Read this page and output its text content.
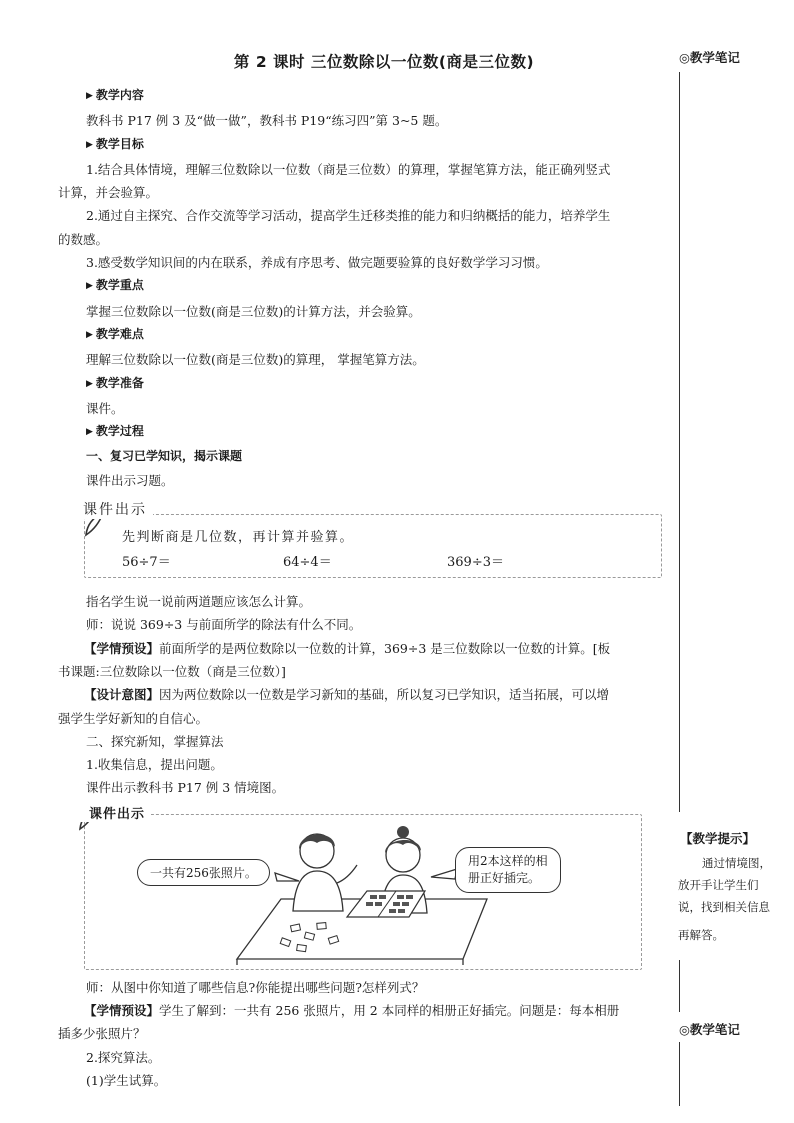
◎教学笔记
【教学提示】
通过情境图，
放开手让学生们
说，找到相关信息
再解答。
◎教学笔记
第 2 课时 三位数除以一位数(商是三位数)
▶ 教学内容

教科书 P17 例 3 及“做一做”，教科书 P19“练习四”第 3~5 题。

▶ 教学目标

1.结合具体情境，理解三位数除以一位数（商是三位数）的算理，掌握笔算方法，能正确列竖式

计算，并会验算。

2.通过自主探究、合作交流等学习活动，提高学生迁移类推的能力和归纳概括的能力，培养学生

的数感。

3.感受数学知识间的内在联系，养成有序思考、做完题要验算的良好数学学习习惯。

▶ 教学重点

掌握三位数除以一位数(商是三位数)的计算方法，并会验算。

▶ 教学难点

理解三位数除以一位数(商是三位数)的算理， 掌握笔算方法。

▶ 教学准备

课件。

▶ 教学过程

一、复习已学知识，揭示课题

课件出示习题。

课件出示
先判断商是几位数，再计算并验算。
56÷7＝	64÷4＝	369÷3＝

指名学生说一说前两道题应该怎么计算。

师：说说 369÷3 与前面所学的除法有什么不同。

【学情预设】前面所学的是两位数除以一位数的计算，369÷3 是三位数除以一位数的计算。[板

书课题:三位数除以一位数（商是三位数）]

【设计意图】因为两位数除以一位数是学习新知的基础，所以复习已学知识，适当拓展，可以增

强学生学好新知的自信心。

二、探究新知，掌握算法

1.收集信息，提出问题。

课件出示教科书 P17 例 3 情境图。

课件出示
一共有256张照片。
用2本这样的相
册正好插完。

师：从图中你知道了哪些信息?你能提出哪些问题?怎样列式？

【学情预设】学生了解到：一共有 256 张照片，用 2 本同样的相册正好插完。问题是：每本相册

插多少张照片？

2.探究算法。

(1)学生试算。
